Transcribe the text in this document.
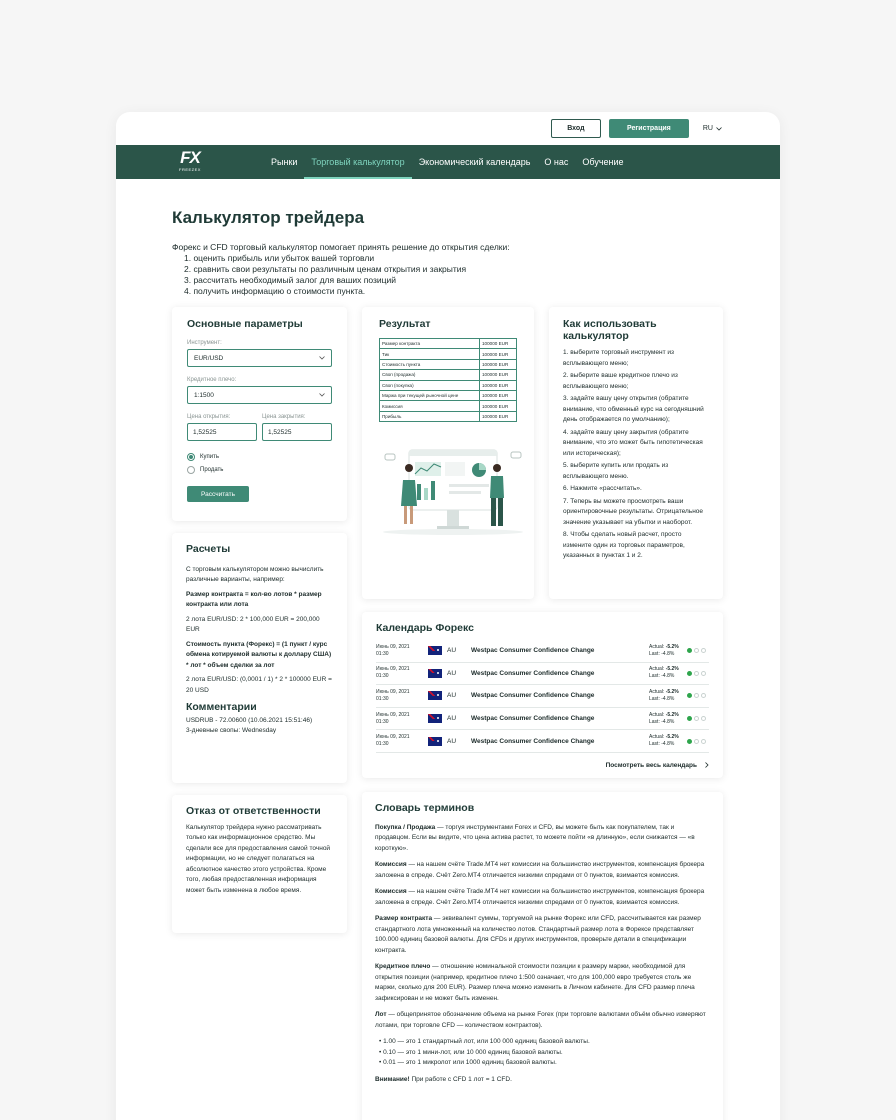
Вход	Регистрация	RU
FX
FREEZEX
Рынки	Торговый калькулятор	Экономический календарь	О нас	Обучение
Калькулятор трейдера
Форекс и CFD торговый калькулятор помогает принять решение до открытия сделки:
1. оценить прибыль или убыток вашей торговли
2. сравнить свои результаты по различным ценам открытия и закрытия
3. рассчитать необходимый залог для ваших позиций
4. получить информацию о стоимости пункта.
Основные параметры
Инструмент:
EUR/USD
Кредитное плечо:
1:1500
Цена открытия:
1,52525
Цена закрытия:
1,52525
Купить
Продать
Рассчитать
Результат
Размер контракта	100000 EUR
Тик	100000 EUR
Стоимость пункта	100000 EUR
Своп (продажа)	100000 EUR
Своп (покупка)	100000 EUR
Маржа при текущей рыночной цене	100000 EUR
Комиссия	100000 EUR
Прибыль	100000 EUR
Как использовать калькулятор

1. выберите торговый инструмент из всплывающего меню;

2. выберите ваше кредитное плечо из всплывающего меню;

3. задайте вашу цену открытия (обратите внимание, что обменный курс на сегодняшний день отображается по умолчанию);

4. задайте вашу цену закрытия (обратите внимание, что это может быть гипотетическая или историческая);

5. выберите купить или продать из всплывающего меню.

6. Нажмите «рассчитать».

7. Теперь вы можете просмотреть ваши ориентировочные результаты. Отрицательное значение указывает на убытки и наоборот.

8. Чтобы сделать новый расчет, просто измените один из торговых параметров, указанных в пунктах 1 и 2.

Расчеты

С торговым калькулятором можно вычислить различные варианты, например:

Размер контракта = кол-во лотов * размер контракта или лота

2 лота EUR/USD: 2 * 100,000 EUR = 200,000 EUR

Стоимость пункта (Форекс) = (1 пункт / курс обмена котируемой валюты к доллару США) * лот * объем сделки за лот

2 лота EUR/USD: (0,0001 / 1) * 2 * 100000 EUR = 20 USD

Комментарии

USDRUB - 72.00600 (10.06.2021 15:51:46)

3-дневные свопы: Wednesday

Календарь Форекс
Июнь 09, 2021
01:30	AU	Westpac Consumer Confidence Change
Actual: -5.2%
Last: -4.8%
Июнь 09, 2021
01:30	AU	Westpac Consumer Confidence Change
Actual: -5.2%
Last: -4.8%
Июнь 09, 2021
01:30	AU	Westpac Consumer Confidence Change
Actual: -5.2%
Last: -4.8%
Июнь 09, 2021
01:30	AU	Westpac Consumer Confidence Change
Actual: -5.2%
Last: -4.8%
Июнь 09, 2021
01:30	AU	Westpac Consumer Confidence Change
Actual: -5.2%
Last: -4.8%
Посмотреть весь календарь
Отказ от ответственности

Калькулятор трейдера нужно рассматривать только как информационное средство. Мы сделали все для предоставления самой точной информации, но не следует полагаться на абсолютное качество этого устройства. Кроме того, любая предоставленная информация может быть изменена в любое время.

Словарь терминов

Покупка / Продажа — торгуя инструментами Forex и CFD, вы можете быть как покупателем, так и продавцом. Если вы видите, что цена актива растет, то можете пойти «в длинную», если снижается — «в короткую».

Комиссия — на нашем счёте Trade.MT4 нет комиссии на большинство инструментов, компенсация брокера заложена в спреде. Счёт Zero.MT4 отличается низкими спредами от 0 пунктов, взимается комиссия.

Комиссия — на нашем счёте Trade.MT4 нет комиссии на большинство инструментов, компенсация брокера заложена в спреде. Счёт Zero.MT4 отличается низкими спредами от 0 пунктов, взимается комиссия.

Размер контракта — эквивалент суммы, торгуемой на рынке Форекс или CFD, рассчитывается как размер стандартного лота умноженный на количество лотов. Стандартный размер лота в Форексе представляет 100.000 единиц базовой валюты. Для CFDs и других инструментов, проверьте детали в спецификации контракта.

Кредитное плечо — отношение номинальной стоимости позиции к размеру маржи, необходимой для открытия позиции (например, кредитное плечо 1:500 означает, что для 100,000 евро требуется столь же маржи, сколько для 200 EUR). Размер плеча можно изменить в Личном кабинете. Для CFD размер плеча зафиксирован и не может быть изменен.

Лот — общепринятое обозначение объема на рынке Forex (при торговле валютами объём обычно измеряют лотами, при торговле CFD — количеством контрактов).

• 1.00 — это 1 стандартный лот, или 100 000 единиц базовой валюты.
• 0.10 — это 1 мини-лот, или 10 000 единиц базовой валюты.
• 0.01 — это 1 микролот или 1000 единиц базовой валюты.

Внимание! При работе с CFD 1 лот = 1 CFD.
